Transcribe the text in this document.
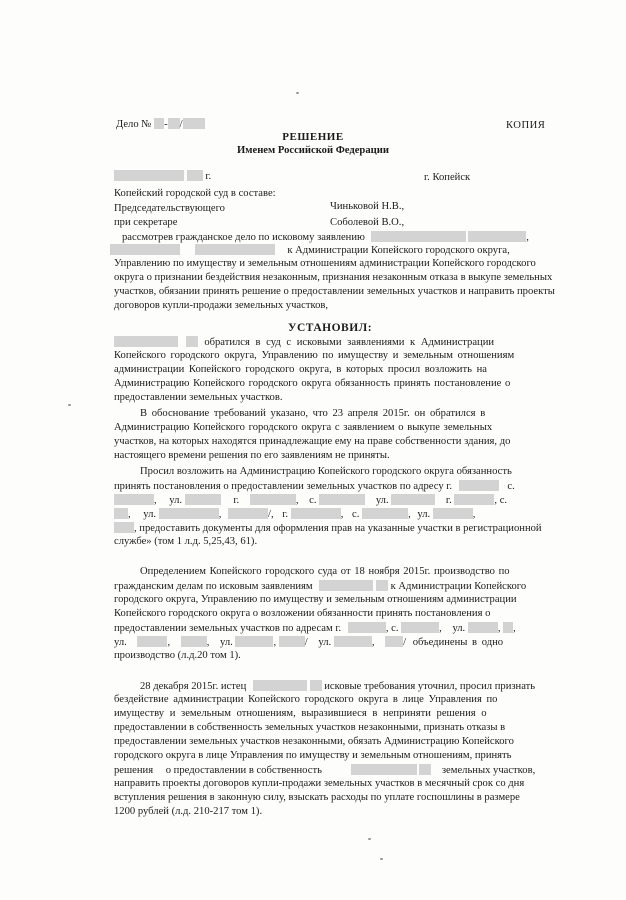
Дело № - /	КОПИЯ
РЕШЕНИЕ
Именем Российской Федерации
г.	г. Копейск
Копейский городской суд в составе:
Председательствующего	Чиньковой Н.В.,
при секретаре	Соболевой В.О.,
рассмотрев гражданское дело по исковому заявлению	,
к Администрации Копейского городского округа,
Управлению по имуществу и земельным отношениям администрации Копейского городского
округа о признании бездействия незаконным, признания незаконным отказа в выкупе земельных
участков, обязании принять решение о предоставлении земельных участков и направить проекты
договоров купли-продажи земельных участков,
УСТАНОВИЛ:
обратился в суд с исковыми заявлениями к Администрации
Копейского городского округа, Управлению по имуществу и земельным отношениям
администрации Копейского городского округа, в которых просил возложить на
Администрацию Копейского городского округа обязанность принять постановление о
предоставлении земельных участков.
В обоснование требований указано, что 23 апреля 2015г. он обратился в
Администрацию Копейского городского округа с заявлением о выкупе земельных
участков, на которых находятся принадлежащие ему на праве собственности здания, до
настоящего времени решения по его заявлениям не приняты.
Просил возложить на Администрацию Копейского городского округа обязанность
принять постановления о предоставлении земельных участков по адресу г.	с.
, ул.	г.	, с.	ул.	г.	, с.
, ул.	,	/, г.	, с.	, ул.	,
, предоставить документы для оформления прав на указанные участки в регистрационной
службе» (том 1 л.д. 5,25,43, 61).
Определением Копейского городского суда от 18 ноября 2015г. производство по
гражданским делам по исковым заявлениям	к Администрации Копейского
городского округа, Управлению по имуществу и земельным отношениям администрации
Копейского городского округа о возложении обязанности принять постановления о
предоставлении земельных участков по адресам г.	, с.	, ул.	, ,
ул.	,	, ул.	, / ул.	, / объединены в одно
производство (л.д.20 том 1).
28 декабря 2015г. истец	исковые требования уточнил, просил признать
бездействие администрации Копейского городского округа в лице Управления по
имуществу и земельным отношениям, выразившиеся в неприняти решения о
предоставлении в собственность земельных участков незаконными, признать отказы в
предоставлении земельных участков незаконными, обязать Администрацию Копейского
городского округа в лице Управления по имуществу и земельным отношениям, принять
решения о предоставлении в собственность	земельных участков,
направить проекты договоров купли-продажи земельных участков в месячный срок со дня
вступления решения в законную силу, взыскать расходы по уплате госпошлины в размере
1200 рублей (л.д. 210-217 том 1).
